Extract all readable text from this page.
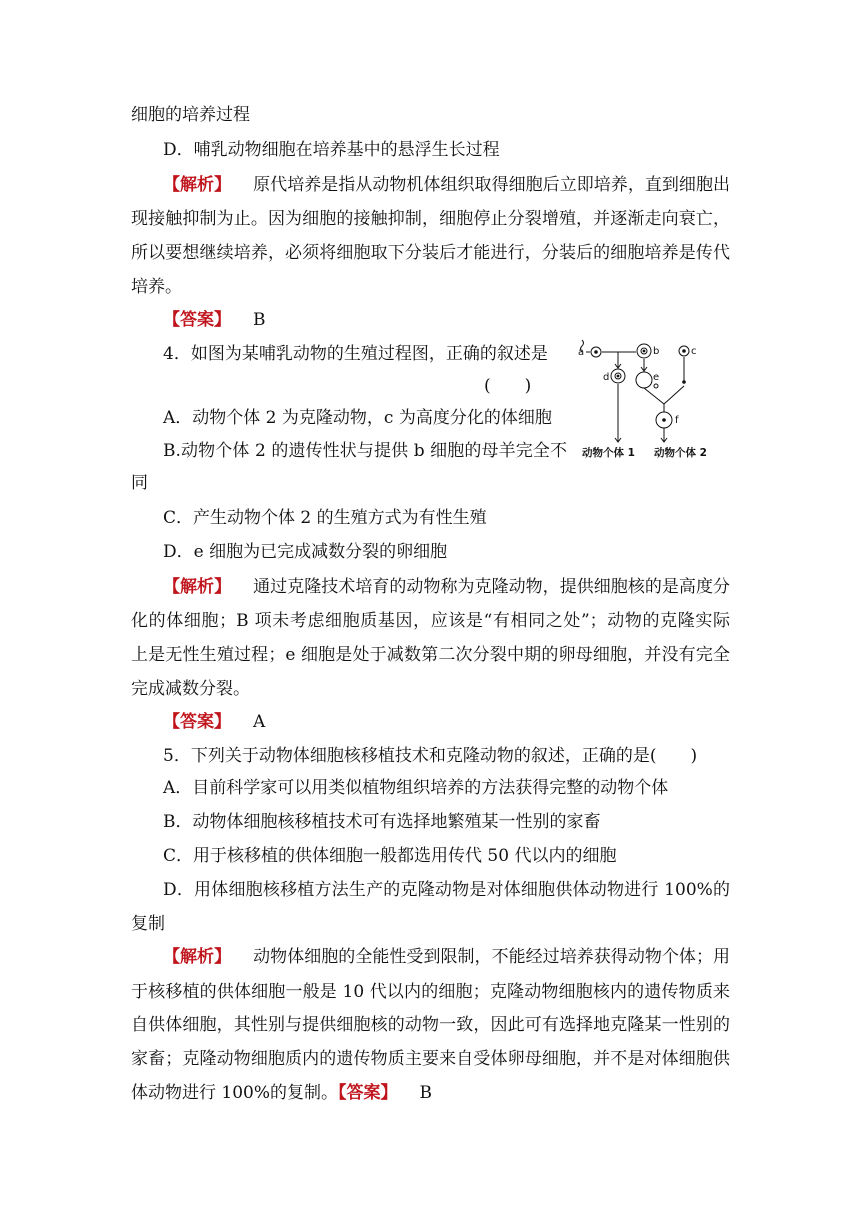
细胞的培养过程
D．哺乳动物细胞在培养基中的悬浮生长过程
【解析】 原代培养是指从动物机体组织取得细胞后立即培养，直到细胞出
现接触抑制为止。因为细胞的接触抑制，细胞停止分裂增殖，并逐渐走向衰亡，
所以要想继续培养，必须将细胞取下分装后才能进行，分装后的细胞培养是传代
培养。
【答案】 B
4．如图为某哺乳动物的生殖过程图，正确的叙述是
(　　)
A．动物个体 2 为克隆动物，c 为高度分化的体细胞
B.动物个体 2 的遗传性状与提供 b 细胞的母羊完全不
同
C．产生动物个体 2 的生殖方式为有性生殖
D．e 细胞为已完成减数分裂的卵细胞
a	b	c
d	e
f
动物个体 1 动物个体 2
【解析】 通过克隆技术培育的动物称为克隆动物，提供细胞核的是高度分
化的体细胞；B 项未考虑细胞质基因，应该是“有相同之处”；动物的克隆实际
上是无性生殖过程；e 细胞是处于减数第二次分裂中期的卵母细胞，并没有完全
完成减数分裂。
【答案】 A
5．下列关于动物体细胞核移植技术和克隆动物的叙述，正确的是(　　)
A．目前科学家可以用类似植物组织培养的方法获得完整的动物个体
B．动物体细胞核移植技术可有选择地繁殖某一性别的家畜
C．用于核移植的供体细胞一般都选用传代 50 代以内的细胞
D．用体细胞核移植方法生产的克隆动物是对体细胞供体动物进行 100%的
复制
【解析】 动物体细胞的全能性受到限制，不能经过培养获得动物个体；用
于核移植的供体细胞一般是 10 代以内的细胞；克隆动物细胞核内的遗传物质来
自供体细胞，其性别与提供细胞核的动物一致，因此可有选择地克隆某一性别的
家畜；克隆动物细胞质内的遗传物质主要来自受体卵母细胞，并不是对体细胞供
体动物进行 100%的复制。【答案】 B
